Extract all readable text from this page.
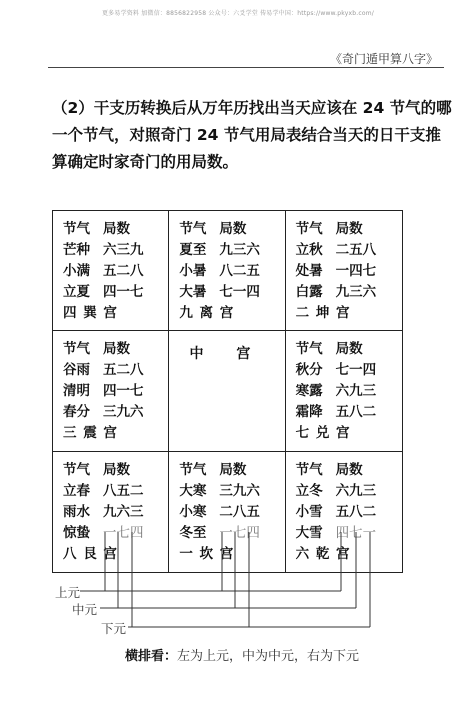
更多易学资料 加微信：8856822958 公众号：六爻学堂 传易学中国：https://www.pkyxb.com/
《奇门遁甲算八字》

（2）干支历转换后从万年历找出当天应该在 24 节气的哪一个节气，对照奇门 24 节气用局表结合当天的日干支推算确定时家奇门的用局数。

节气 局数
芒种 六三九
小满 五二八
立夏 四一七
四 巽 宫
节气 局数
夏至 九三六
小暑 八二五
大暑 七一四
九 离 宫
节气 局数
立秋 二五八
处暑 一四七
白露 九三六
二 坤 宫
节气 局数
谷雨 五二八
清明 四一七
春分 三九六
三 震 宫
中 宫	节气 局数
秋分 七一四
寒露 六九三
霜降 五八二
七 兑 宫
节气 局数
立春 八五二
雨水 九六三
惊蛰 一七四
八 艮 宫
节气 局数
大寒 三九六
小寒 二八五
冬至 一七四
一 坎 宫
节气 局数
立冬 六九三
小雪 五八二
大雪 四七一
六 乾 宫
上元
中元
下元
横排看：左为上元，中为中元，右为下元
